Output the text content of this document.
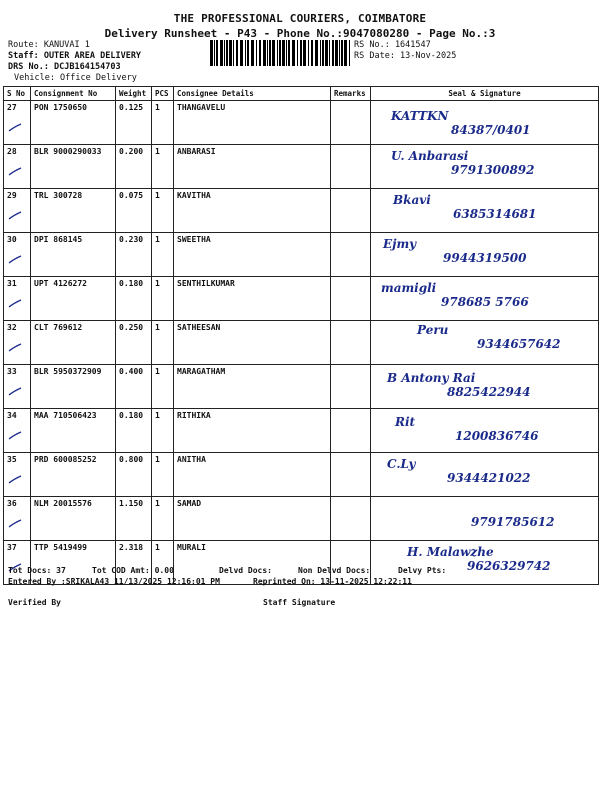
THE PROFESSIONAL COURIERS, COIMBATORE
Delivery Runsheet - P43 - Phone No.:9047080280 - Page No.:3
Route: KANUVAI 1
Staff: OUTER AREA DELIVERY
DRS No.: DCJB164154703
Vehicle: Office Delivery
RS No.: 1641547
RS Date: 13-Nov-2025
S No	Consignment No	Weight	PCS	Consignee Details	Remarks	Seal & Signature
27	PON 1750650	0.125	1	THANGAVELU		KATTKN
84387/0401

28	BLR 9000290033	0.200	1	ANBARASI		U. Anbarasi
9791300892

29	TRL 300728	0.075	1	KAVITHA		Bkavi
6385314681

30	DPI 868145	0.230	1	SWEETHA		Ejmy
9944319500

31	UPT 4126272	0.180	1	SENTHILKUMAR		mamigli
978685 5766

32	CLT 769612	0.250	1	SATHEESAN		Peru
9344657642

33	BLR 5950372909	0.400	1	MARAGATHAM		B Antony Rai
8825422944

34	MAA 710506423	0.180	1	RITHIKA		Rit
1200836746

35	PRD 600085252	0.800	1	ANITHA		C.Ly
9344421022

36	NLM 20015576	1.150	1	SAMAD		9791785612

37	TTP 5419499	2.318	1	MURALI		H. Malawzhe
9626329742
Tot Docs: 37	Tot COD Amt: 0.00	Delvd Docs:	Non Delvd Docs:	Delvy Pts:
Entered By :SRIKALA43 11/13/2025 12:16:01 PM	Reprinted On: 13-11-2025 12:22:11
Verified By	Staff Signature
